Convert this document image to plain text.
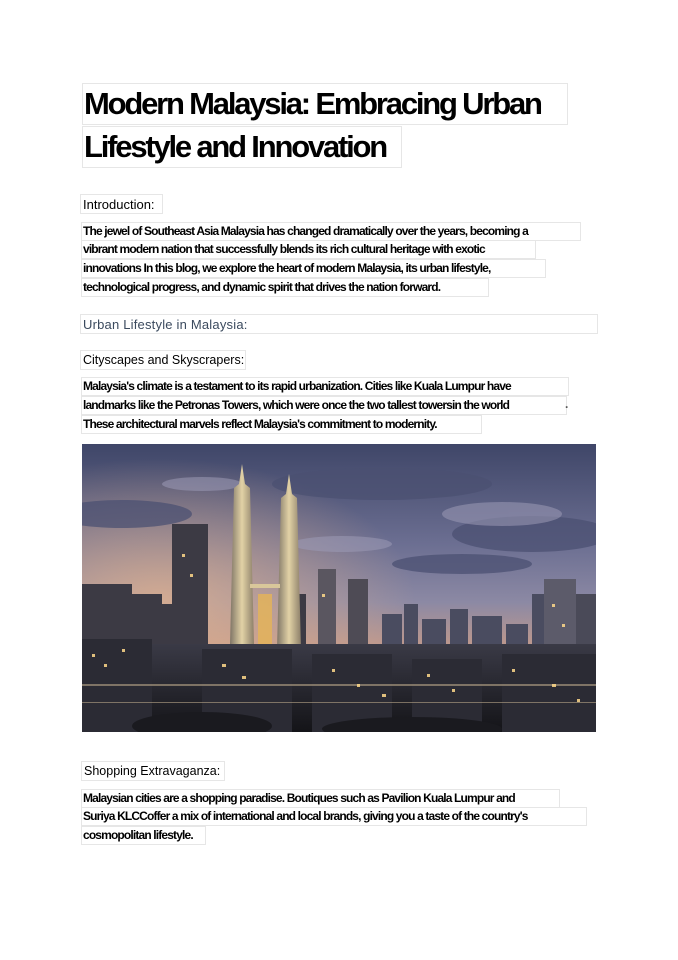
Modern Malaysia: Embracing Urban
Lifestyle and Innovation
Introduction:
The jewel of Southeast Asia Malaysia has changed dramatically over the years, becoming a
vibrant modern nation that successfully blends its rich cultural heritage with exotic
innovations In this blog, we explore the heart of modern Malaysia, its urban lifestyle,
technological progress, and dynamic spirit that drives the nation forward.
Urban Lifestyle in Malaysia:
Cityscapes and Skyscrapers:
Malaysia's climate is a testament to its rapid urbanization. Cities like Kuala Lumpur have
landmarks like the Petronas Towers, which were once the two tallest towersin the world	.
These architectural marvels reflect Malaysia's commitment to modernity.
Shopping Extravaganza:
Malaysian cities are a shopping paradise. Boutiques such as Pavilion Kuala Lumpur and
Suriya KLCCoffer a mix of international and local brands, giving you a taste of the country's
cosmopolitan lifestyle.
